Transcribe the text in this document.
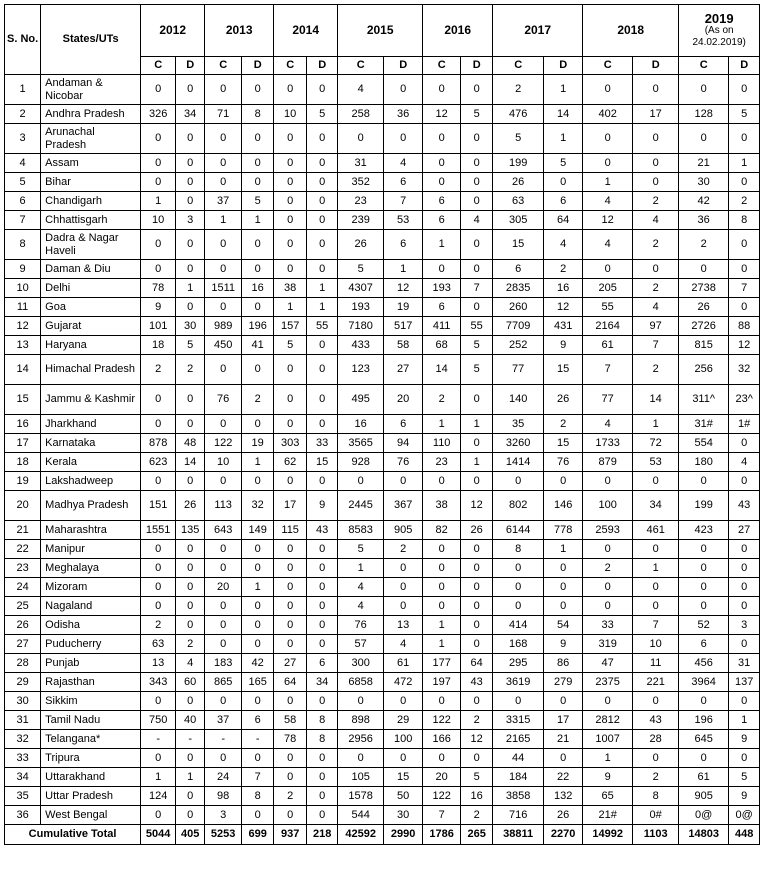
S. No.	States/UTs	2012		2013		2014		2015		2016		2017		2018		2019
(As on
24.02.2019)	

		C	D	C	D	C	D	C	D	C	D	C	D	C	D	C	D
1	Andaman & Nicobar	0	0	0	0	0	0	4	0	0	0	2	1	0	0	0	0
2	Andhra Pradesh	326	34	71	8	10	5	258	36	12	5	476	14	402	17	128	5
3	Arunachal Pradesh	0	0	0	0	0	0	0	0	0	0	5	1	0	0	0	0
4	Assam	0	0	0	0	0	0	31	4	0	0	199	5	0	0	21	1
5	Bihar	0	0	0	0	0	0	352	6	0	0	26	0	1	0	30	0
6	Chandigarh	1	0	37	5	0	0	23	7	6	0	63	6	4	2	42	2
7	Chhattisgarh	10	3	1	1	0	0	239	53	6	4	305	64	12	4	36	8
8	Dadra & Nagar Haveli	0	0	0	0	0	0	26	6	1	0	15	4	4	2	2	0
9	Daman & Diu	0	0	0	0	0	0	5	1	0	0	6	2	0	0	0	0
10	Delhi	78	1	1511	16	38	1	4307	12	193	7	2835	16	205	2	2738	7
11	Goa	9	0	0	0	1	1	193	19	6	0	260	12	55	4	26	0
12	Gujarat	101	30	989	196	157	55	7180	517	411	55	7709	431	2164	97	2726	88
13	Haryana	18	5	450	41	5	0	433	58	68	5	252	9	61	7	815	12
14	Himachal Pradesh	2	2	0	0	0	0	123	27	14	5	77	15	7	2	256	32
15	Jammu & Kashmir	0	0	76	2	0	0	495	20	2	0	140	26	77	14	311^	23^
16	Jharkhand	0	0	0	0	0	0	16	6	1	1	35	2	4	1	31#	1#
17	Karnataka	878	48	122	19	303	33	3565	94	110	0	3260	15	1733	72	554	0
18	Kerala	623	14	10	1	62	15	928	76	23	1	1414	76	879	53	180	4
19	Lakshadweep	0	0	0	0	0	0	0	0	0	0	0	0	0	0	0	0
20	Madhya Pradesh	151	26	113	32	17	9	2445	367	38	12	802	146	100	34	199	43
21	Maharashtra	1551	135	643	149	115	43	8583	905	82	26	6144	778	2593	461	423	27
22	Manipur	0	0	0	0	0	0	5	2	0	0	8	1	0	0	0	0
23	Meghalaya	0	0	0	0	0	0	1	0	0	0	0	0	2	1	0	0
24	Mizoram	0	0	20	1	0	0	4	0	0	0	0	0	0	0	0	0
25	Nagaland	0	0	0	0	0	0	4	0	0	0	0	0	0	0	0	0
26	Odisha	2	0	0	0	0	0	76	13	1	0	414	54	33	7	52	3
27	Puducherry	63	2	0	0	0	0	57	4	1	0	168	9	319	10	6	0
28	Punjab	13	4	183	42	27	6	300	61	177	64	295	86	47	11	456	31
29	Rajasthan	343	60	865	165	64	34	6858	472	197	43	3619	279	2375	221	3964	137
30	Sikkim	0	0	0	0	0	0	0	0	0	0	0	0	0	0	0	0
31	Tamil Nadu	750	40	37	6	58	8	898	29	122	2	3315	17	2812	43	196	1
32	Telangana*	-	-	-	-	78	8	2956	100	166	12	2165	21	1007	28	645	9
33	Tripura	0	0	0	0	0	0	0	0	0	0	44	0	1	0	0	0
34	Uttarakhand	1	1	24	7	0	0	105	15	20	5	184	22	9	2	61	5
35	Uttar Pradesh	124	0	98	8	2	0	1578	50	122	16	3858	132	65	8	905	9
36	West Bengal	0	0	3	0	0	0	544	30	7	2	716	26	21#	0#	0@	0@
Cumulative Total		5044	405	5253	699	937	218	42592	2990	1786	265	38811	2270	14992	1103	14803	448
